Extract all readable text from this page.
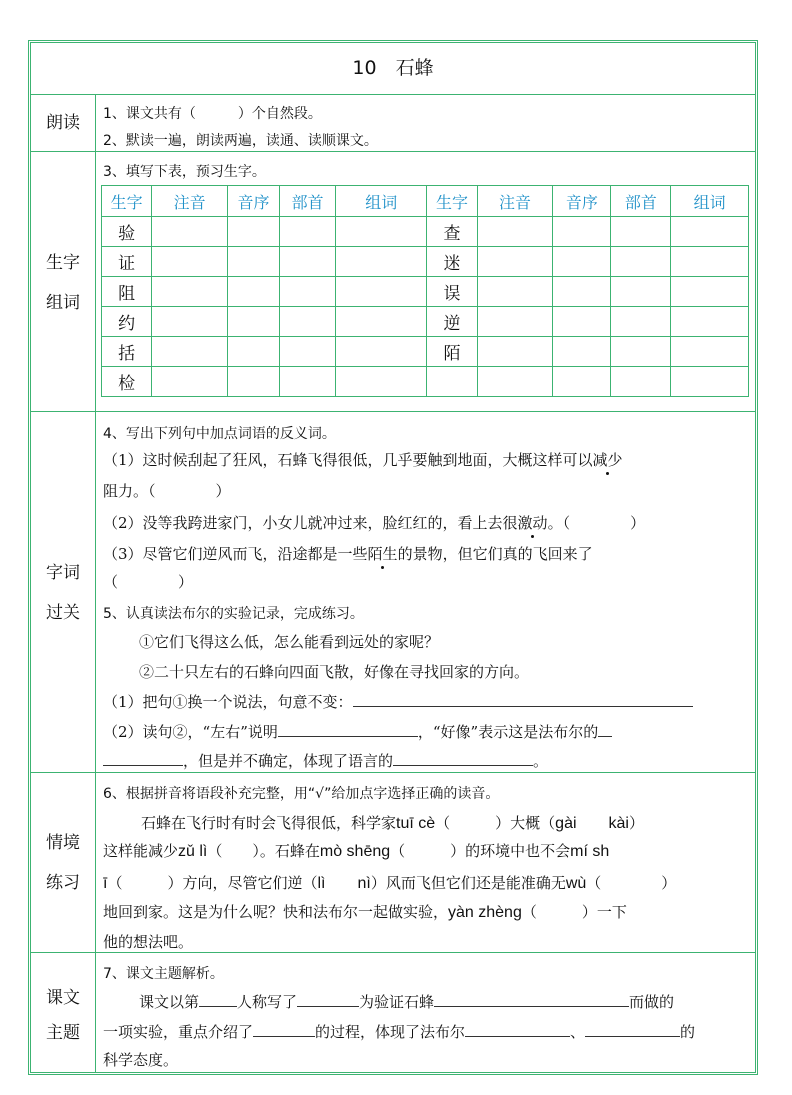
10　石蜂
朗读
生字
组词
字词
过关
情境
练习
课文
主题
1、课文共有（　　　）个自然段。
2、默读一遍，朗读两遍，读通、读顺课文。
3、填写下表，预习生字。
生字	注音	音序	部首	组词	生字	注音	音序	部首	组词
验					查				
证					迷				
阻					误				
约					逆				
括					陌				
检									
4、写出下列句中加点词语的反义词。
（1）这时候刮起了狂风，石蜂飞得很低，几乎要触到地面，大概这样可以减少
阻力。（　　　　）
（2）没等我跨进家门，小女儿就冲过来，脸红红的，看上去很激动。（　　　　）
（3）尽管它们逆风而飞，沿途都是一些陌生的景物，但它们真的飞回来了
（　　　　）
5、认真读法布尔的实验记录，完成练习。
①它们飞得这么低，怎么能看到远处的家呢？
②二十只左右的石蜂向四面飞散，好像在寻找回家的方向。
（1）把句①换一个说法，句意不变：
（2）读句②，“左右”说明	，“好像”表示这是法布尔的
，但是并不确定，体现了语言的	。
6、根据拼音将语段补充完整，用“√”给加点字选择正确的读音。
石蜂在飞行时有时会飞得很低，科学家tuī cè（　　　）大概（gài　　kài）
这样能减少zǔ lì（　　）。石蜂在mò shēng（　　　）的环境中也不会mí sh
ī（　　　）方向，尽管它们逆（lì　　nì）风而飞但它们还是能准确无wù（　　　　）
地回到家。这是为什么呢？快和法布尔一起做实验，yàn zhèng（　　　）一下
他的想法吧。
7、课文主题解析。
课文以第	人称写了	为验证石蜂	而做的
一项实验，重点介绍了	的过程，体现了法布尔	、	的
科学态度。
